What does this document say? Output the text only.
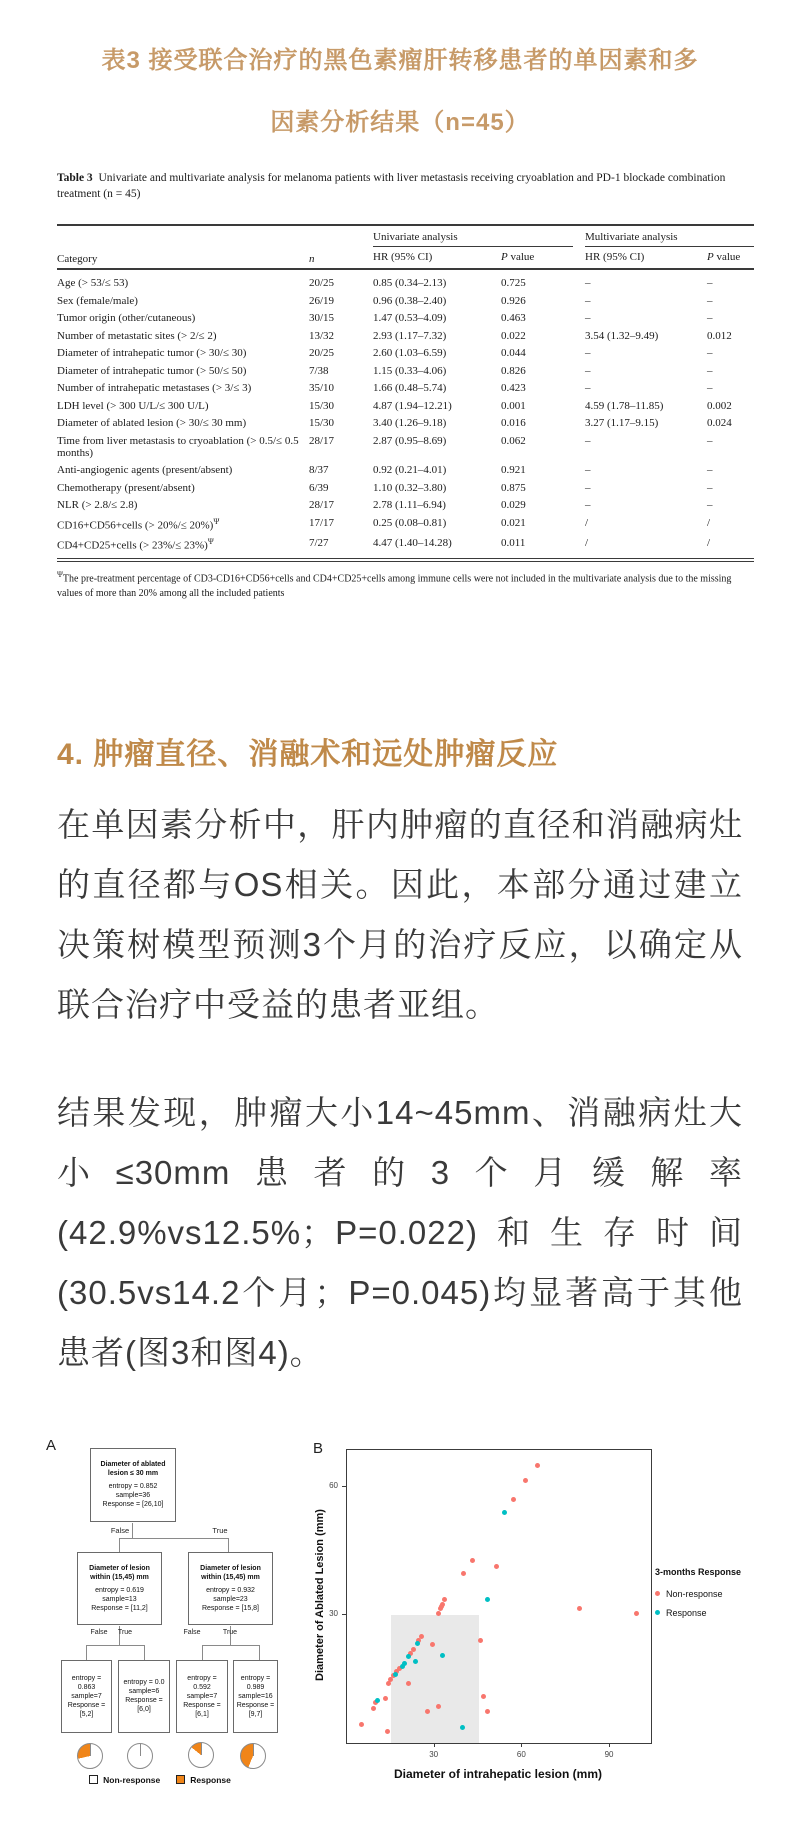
表3 接受联合治疗的黑色素瘤肝转移患者的单因素和多
因素分析结果（n=45）
Table 3 Univariate and multivariate analysis for melanoma patients with liver metastasis receiving cryoablation and PD-1 blockade combination treatment (n = 45)
Category	n	Univariate analysis			Multivariate analysis	
		HR (95% CI)	P value		HR (95% CI)	P value
Age (> 53/≤ 53)	20/25	0.85 (0.34–2.13)	0.725		–	–
Sex (female/male)	26/19	0.96 (0.38–2.40)	0.926		–	–
Tumor origin (other/cutaneous)	30/15	1.47 (0.53–4.09)	0.463		–	–
Number of metastatic sites (> 2/≤ 2)	13/32	2.93 (1.17–7.32)	0.022		3.54 (1.32–9.49)	0.012
Diameter of intrahepatic tumor (> 30/≤ 30)	20/25	2.60 (1.03–6.59)	0.044		–	–
Diameter of intrahepatic tumor (> 50/≤ 50)	7/38	1.15 (0.33–4.06)	0.826		–	–
Number of intrahepatic metastases (> 3/≤ 3)	35/10	1.66 (0.48–5.74)	0.423		–	–
LDH level (> 300 U/L/≤ 300 U/L)	15/30	4.87 (1.94–12.21)	0.001		4.59 (1.78–11.85)	0.002
Diameter of ablated lesion (> 30/≤ 30 mm)	15/30	3.40 (1.26–9.18)	0.016		3.27 (1.17–9.15)	0.024
Time from liver metastasis to cryoablation (> 0.5/≤ 0.5 months)	28/17	2.87 (0.95–8.69)	0.062		–	–
Anti-angiogenic agents (present/absent)	8/37	0.92 (0.21–4.01)	0.921		–	–
Chemotherapy (present/absent)	6/39	1.10 (0.32–3.80)	0.875		–	–
NLR (> 2.8/≤ 2.8)	28/17	2.78 (1.11–6.94)	0.029		–	–
CD16+CD56+cells (> 20%/≤ 20%)$^\Psi$	17/17	0.25 (0.08–0.81)	0.021		/	/
CD4+CD25+cells (> 23%/≤ 23%)$^\Psi$	7/27	4.47 (1.40–14.28)	0.011		/	/
$^\Psi$The pre-treatment percentage of CD3-CD16+CD56+cells and CD4+CD25+cells among immune cells were not included in the multivariate analysis due to the missing values of more than 20% among all the included patients
4. 肿瘤直径、消融术和远处肿瘤反应
在单因素分析中，肝内肿瘤的直径和消融病灶的直径都与OS相关。因此，本部分通过建立决策树模型预测3个月的治疗反应，以确定从联合治疗中受益的患者亚组。
结果发现，肿瘤大小14~45mm、消融病灶大小≤30mm患者的3个月缓解率(42.9%vs12.5%；P=0.022)和生存时间(30.5vs14.2个月；P=0.045)均显著高于其他患者(图3和图4)。
A
Diameter of ablated lesion ≤ 30 mm
entropy = 0.852
sample=36
Response = [26,10]
False	True
Diameter of lesion within (15,45) mm
entropy = 0.619
sample=13
Response = [11,2]
Diameter of lesion within (15,45) mm
entropy = 0.932
sample=23
Response = [15,8]
False	True	False	True
entropy = 0.863
sample=7
Response = [5,2]
entropy = 0.0
sample=6
Response = [6,0]
entropy = 0.592
sample=7
Response = [6,1]
entropy = 0.989
sample=16
Response = [9,7]
Non-response	Response
B
Diameter of Ablated Lesion (mm)
Diameter of intrahepatic lesion (mm)
3-months Response
Non-response
Response
30	60	90
30
60
